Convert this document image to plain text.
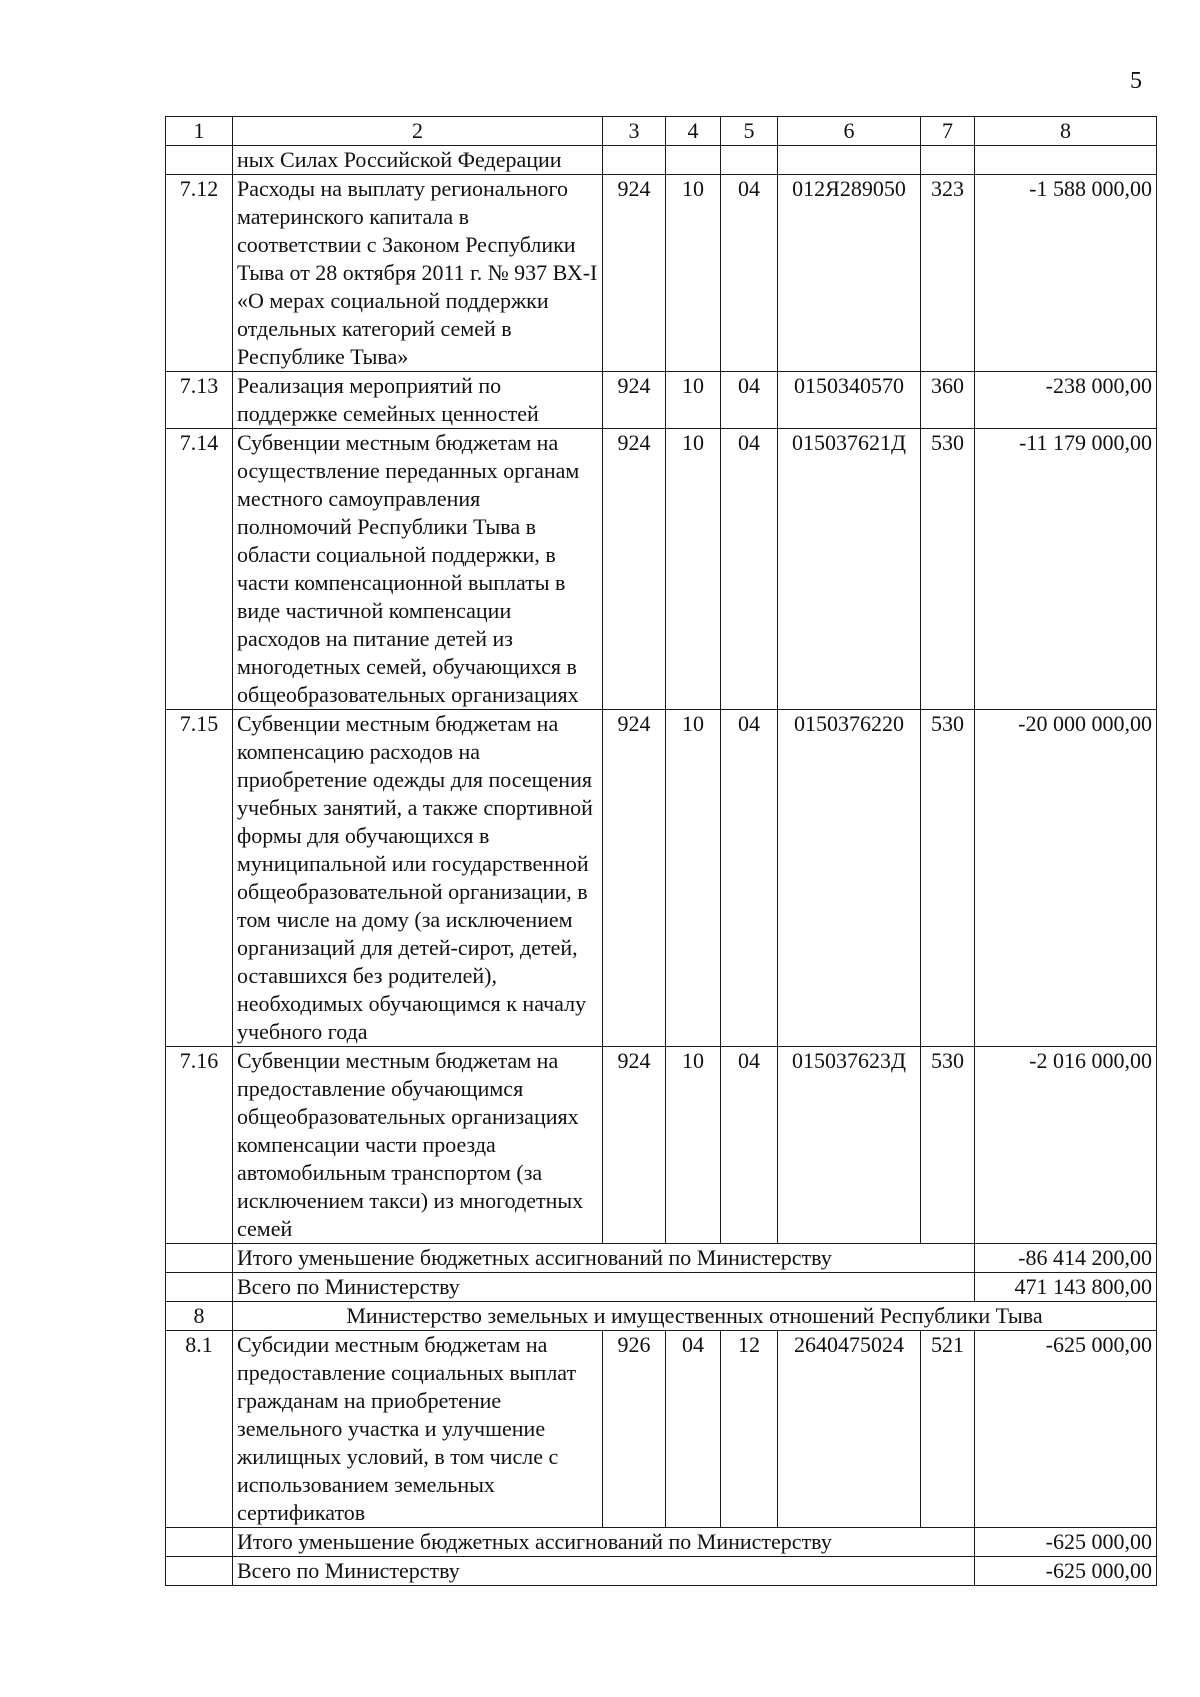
5
1	2	3	4	5	6	7	8
	ных Силах Российской Федерации						
7.12	Расходы на выплату регионального материнского капитала в соответствии с Законом Республики Тыва от 28 октября 2011 г. № 937 ВХ-I «О мерах социальной поддержки отдельных категорий семей в Республике Тыва»	924	10	04	012Я289050	323	-1 588 000,00
7.13	Реализация мероприятий по поддержке семейных ценностей	924	10	04	0150340570	360	-238 000,00
7.14	Субвенции местным бюджетам на осуществление переданных органам местного самоуправления полномочий Республики Тыва в области социальной поддержки, в части компенсационной выплаты в виде частичной компенсации расходов на питание детей из многодетных семей, обучающихся в общеобразовательных организациях	924	10	04	015037621Д	530	-11 179 000,00
7.15	Субвенции местным бюджетам на компенсацию расходов на приобретение одежды для посещения учебных занятий, а также спортивной формы для обучающихся в муниципальной или государственной общеобразовательной организации, в том числе на дому (за исключением организаций для детей-сирот, детей, оставшихся без родителей), необходимых обучающимся к началу учебного года	924	10	04	0150376220	530	-20 000 000,00
7.16	Субвенции местным бюджетам на предоставление обучающимся общеобразовательных организациях компенсации части проезда автомобильным транспортом (за исключением такси) из многодетных семей	924	10	04	015037623Д	530	-2 016 000,00
	Итого уменьшение бюджетных ассигнований по Министерству						-86 414 200,00
	Всего по Министерству						471 143 800,00
8	Министерство земельных и имущественных отношений Республики Тыва						
8.1	Субсидии местным бюджетам на предоставление социальных выплат гражданам на приобретение земельного участка и улучшение жилищных условий, в том числе с использованием земельных сертификатов	926	04	12	2640475024	521	-625 000,00
	Итого уменьшение бюджетных ассигнований по Министерству						-625 000,00
	Всего по Министерству						-625 000,00
